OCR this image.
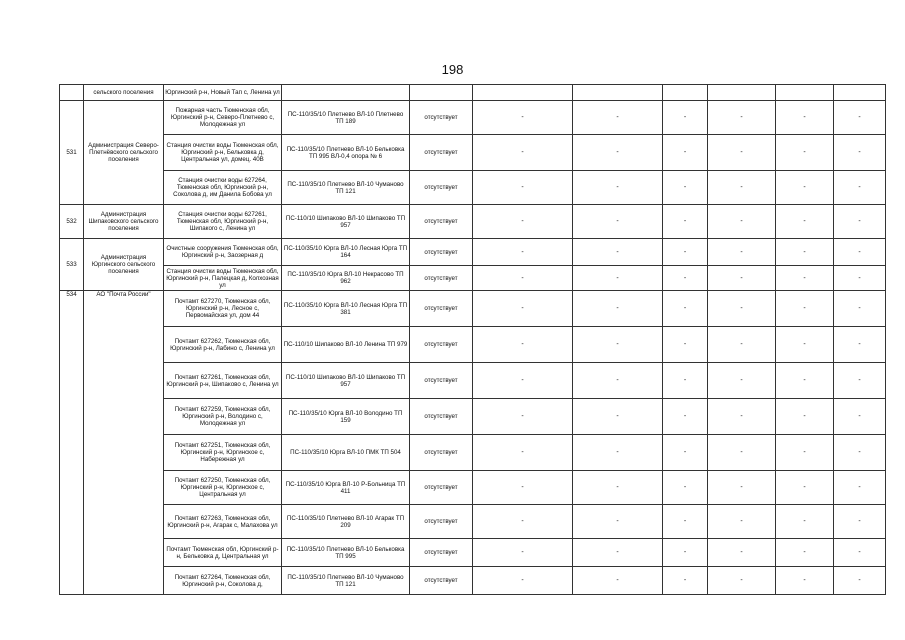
198
	сельского поселения	Юргинский р-н, Новый Тап с, Ленина ул								
531	Администрация Северо-Плетнёвского сельского поселения	Пожарная часть Тюменская обл, Юргинский р-н, Северо-Плетнево с, Молодежная ул	ПС-110/35/10 Плетнево ВЛ-10 Плетнево ТП 189	отсутствует	-	-	-	-	-	-
		Станция очистки воды Тюменская обл, Юргинский р-н, Бельковка д, Центральная ул, домец. 40В	ПС-110/35/10 Плетнево ВЛ-10 Бельковка ТП 995 ВЛ-0,4 опора № 6	отсутствует	-	-	-	-	-	-
		Станция очистки воды 627264, Тюменская обл, Юргинский р-н, Соколова д, им Данила Бобова ул	ПС-110/35/10 Плетнево ВЛ-10 Чуманово ТП 121	отсутствует	-	-	-	-	-	-
532	Администрация Шипаковского сельского поселения	Станция очистки воды 627261, Тюменская обл, Юргинский р-н, Шипакого с, Ленина ул	ПС-110/10 Шипаково ВЛ-10 Шипаково ТП 957	отсутствует	-	-	-	-	-	-
533	Администрация Юргинского сельского поселения	Очистные сооружения Тюменская обл, Юргинский р-н, Заозерная д	ПС-110/35/10 Юрга ВЛ-10 Лесная Юрга ТП 164	отсутствует	-	-	-	-	-	-
		Станция очистки воды Тюменская обл, Юргинский р-н, Палецкая д, Колхозная ул	ПС-110/35/10 Юрга ВЛ-10 Некрасово ТП 962	отсутствует	-	-	-	-	-	-
534	АО "Почта России"	Почтамт 627270, Тюменская обл, Юргинский р-н, Лесное с, Первомайская ул, дом 44	ПС-110/35/10 Юрга ВЛ-10 Лесная Юрга ТП 381	отсутствует	-	-	-	-	-	-
		Почтамт 627262, Тюменская обл, Юргинский р-н, Лабино с, Ленина ул	ПС-110/10 Шипаково ВЛ-10 Ленина ТП 979	отсутствует	-	-	-	-	-	-
		Почтамт 627261, Тюменская обл, Юргинский р-н, Шипаково с, Ленина ул	ПС-110/10 Шипаково ВЛ-10 Шипаково ТП 957	отсутствует	-	-	-	-	-	-
		Почтамт 627259, Тюменская обл, Юргинский р-н, Володино с, Молодежная ул	ПС-110/35/10 Юрга ВЛ-10 Володино ТП 159	отсутствует	-	-	-	-	-	-
		Почтамт 627251, Тюменская обл, Юргинский р-н, Юргинское с, Набережная ул	ПС-110/35/10 Юрга ВЛ-10 ПМК ТП 504	отсутствует	-	-	-	-	-	-
		Почтамт 627250, Тюменская обл, Юргинский р-н, Юргинское с, Центральная ул	ПС-110/35/10 Юрга ВЛ-10 Р-Больница ТП 411	отсутствует	-	-	-	-	-	-
		Почтамт 627263, Тюменская обл, Юргинский р-н, Агарак с, Малахова ул	ПС-110/35/10 Плетнево ВЛ-10 Агарак ТП 209	отсутствует	-	-	-	-	-	-
		Почтамт Тюменская обл, Юргинский р-н, Бельковка д, Центральная ул	ПС-110/35/10 Плетнево ВЛ-10 Бельковка ТП 995	отсутствует	-	-	-	-	-	-
		Почтамт 627264, Тюменская обл, Юргинский р-н, Соколова д,	ПС-110/35/10 Плетнево ВЛ-10 Чуманово ТП 121	отсутствует	-	-	-	-	-	-
